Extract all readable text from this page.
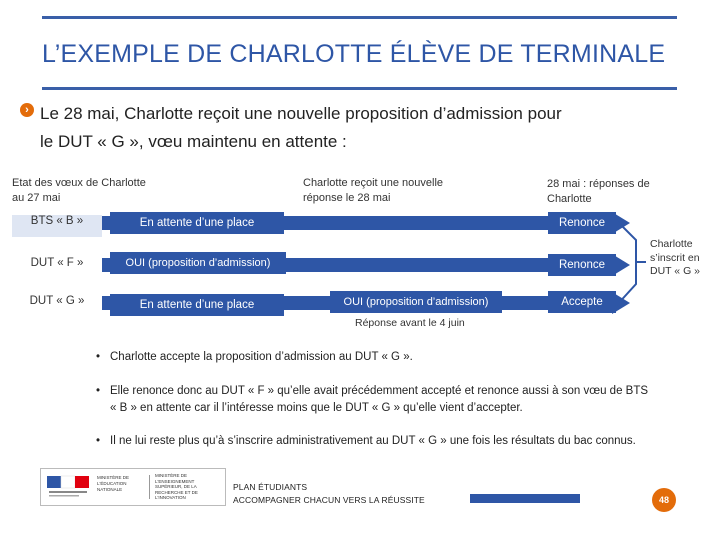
L’EXEMPLE DE CHARLOTTE ÉLÈVE DE TERMINALE
› Le 28 mai, Charlotte reçoit une nouvelle proposition d’admission pour
le DUT « G », vœu maintenu en attente :
Etat des vœux de Charlotte
au 27 mai
Charlotte reçoit une nouvelle
réponse le 28 mai
28 mai : réponses de
Charlotte
BTS « B »	En attente d’une place	Renonce
DUT « F »	OUI (proposition d’admission)	Renonce
DUT « G »	En attente d’une place	OUI (proposition d’admission)	Accepte
Réponse avant le 4 juin
Charlotte
s’inscrit en
DUT « G »
• Charlotte accepte la proposition d’admission au DUT « G ».
• Elle renonce donc au DUT « F » qu’elle avait précédemment accepté et renonce aussi à son vœu de BTS « B » en attente car il l’intéresse moins que le DUT « G » qu’elle vient d’accepter.
• Il ne lui reste plus qu’à s’inscrire administrativement au DUT « G » une fois les résultats du bac connus.
MINISTÈRE DE L'ÉDUCATION NATIONALE
MINISTÈRE DE L'ENSEIGNEMENT SUPÉRIEUR, DE LA RECHERCHE ET DE L'INNOVATION
PLAN ÉTUDIANTS
ACCOMPAGNER CHACUN VERS LA RÉUSSITE	48
